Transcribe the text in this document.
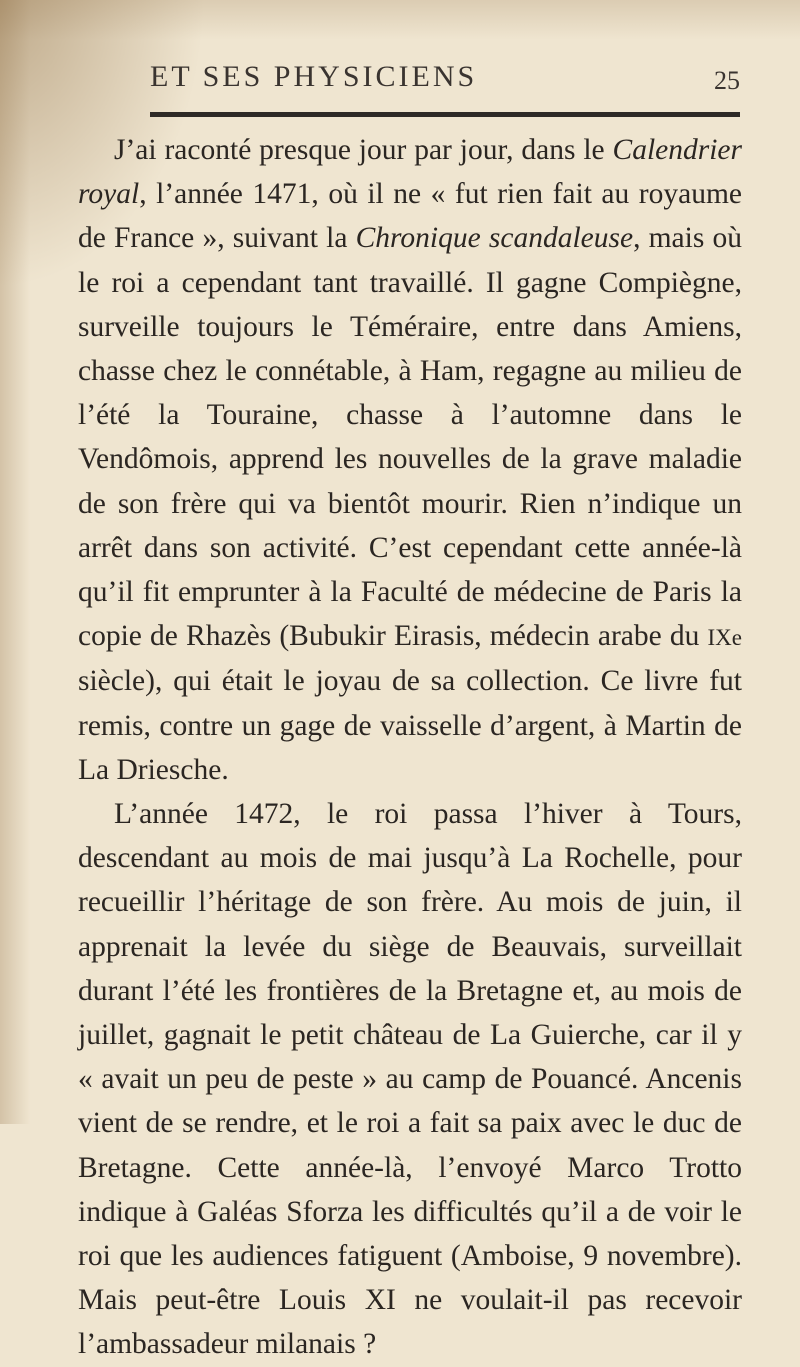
ET SES PHYSICIENS	25

J’ai raconté presque jour par jour, dans le Calendrier royal, l’année 1471, où il ne « fut rien fait au royaume de France », suivant la Chronique scandaleuse, mais où le roi a cependant tant travaillé. Il gagne Compiègne, surveille toujours le Téméraire, entre dans Amiens, chasse chez le connétable, à Ham, regagne au milieu de l’été la Touraine, chasse à l’automne dans le Vendômois, apprend les nouvelles de la grave maladie de son frère qui va bientôt mourir. Rien n’indique un arrêt dans son activité. C’est cependant cette année-là qu’il fit emprunter à la Faculté de médecine de Paris la copie de Rhazès (Bubukir Eirasis, médecin arabe du IXe siècle), qui était le joyau de sa collection. Ce livre fut remis, contre un gage de vaisselle d’argent, à Martin de La Driesche.

L’année 1472, le roi passa l’hiver à Tours, descendant au mois de mai jusqu’à La Rochelle, pour recueillir l’héritage de son frère. Au mois de juin, il apprenait la levée du siège de Beauvais, surveillait durant l’été les frontières de la Bretagne et, au mois de juillet, gagnait le petit château de La Guierche, car il y « avait un peu de peste » au camp de Pouancé. Ancenis vient de se rendre, et le roi a fait sa paix avec le duc de Bretagne. Cette année-là, l’envoyé Marco Trotto indique à Galéas Sforza les difficultés qu’il a de voir le roi que les audiences fatiguent (Amboise, 9 novembre). Mais peut-être Louis XI ne voulait-il pas recevoir l’ambassadeur milanais ?
